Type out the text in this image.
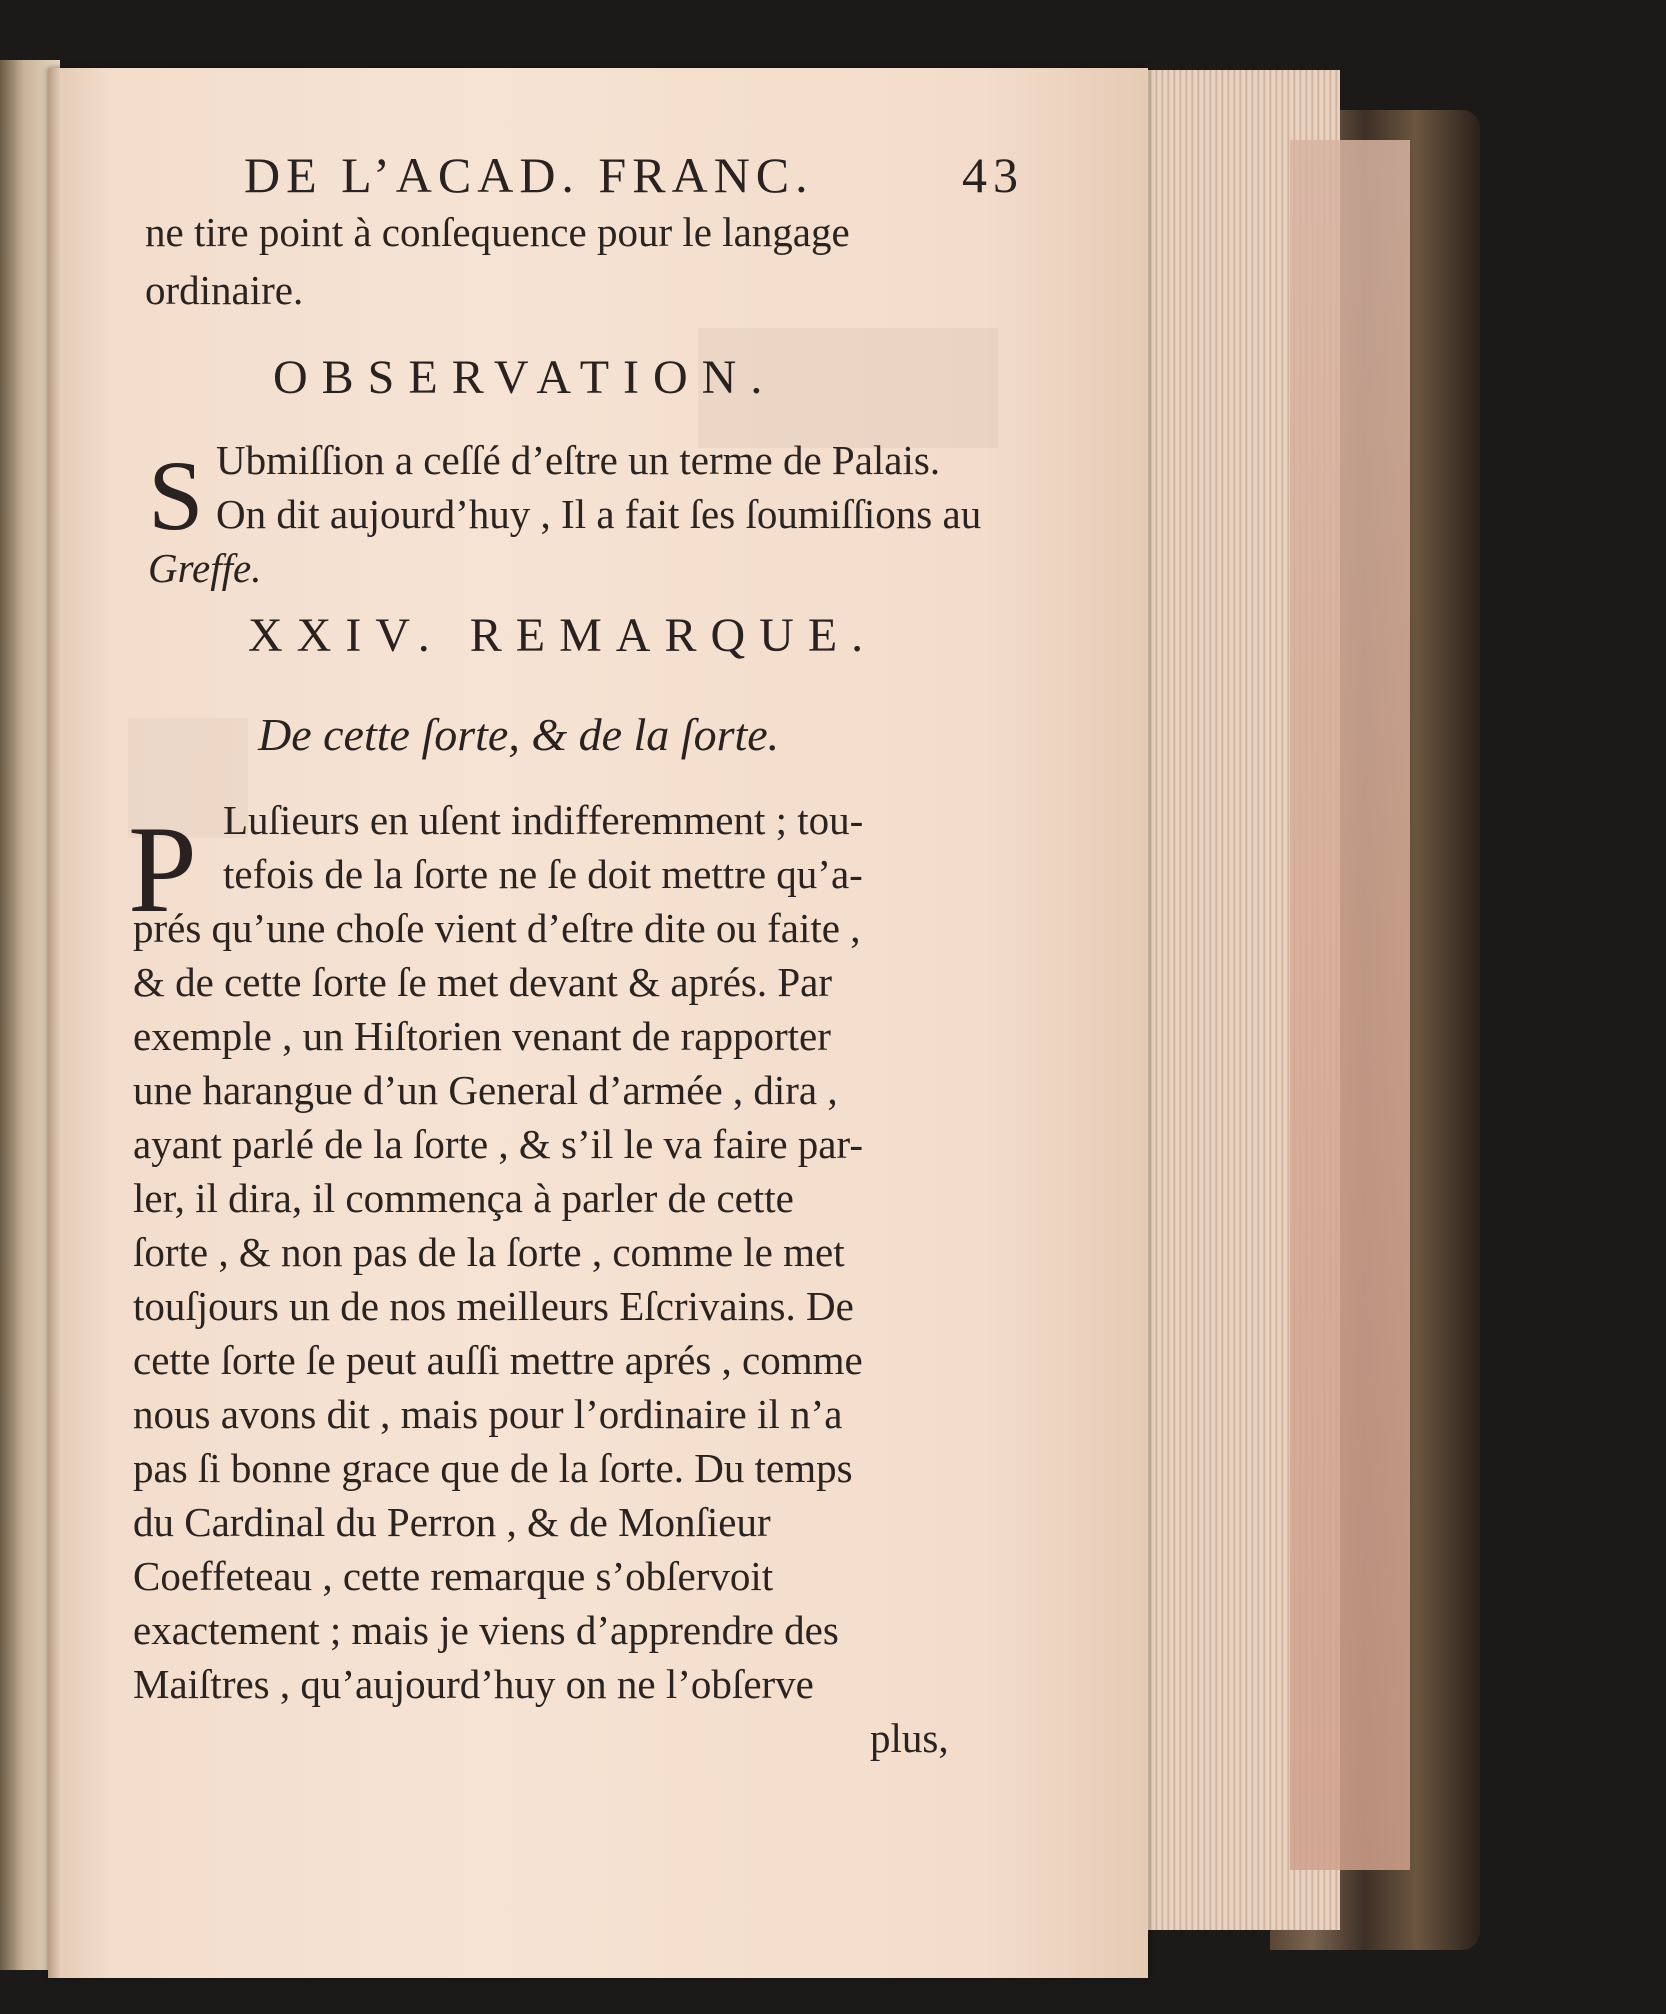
DE L’ACAD. FRANC.	43
ne tire point à conſequence pour le langage
ordinaire.
OBSERVATION.
S Ubmiſſion a ceſſé d’eſtre un terme de Palais.
On dit aujourd’huy , Il a fait ſes ſoumiſſions au
Greffe.
XXIV. REMARQUE.
De cette ſorte, & de la ſorte.
P Luſieurs en uſent indifferemment ; tou-
tefois de la ſorte ne ſe doit mettre qu’a-
prés qu’une choſe vient d’eſtre dite ou faite ,
& de cette ſorte ſe met devant & aprés. Par
exemple , un Hiſtorien venant de rapporter
une harangue d’un General d’armée , dira ,
ayant parlé de la ſorte , & s’il le va faire par-
ler, il dira, il commença à parler de cette
ſorte , & non pas de la ſorte , comme le met
touſjours un de nos meilleurs Eſcrivains. De
cette ſorte ſe peut auſſi mettre aprés , comme
nous avons dit , mais pour l’ordinaire il n’a
pas ſi bonne grace que de la ſorte. Du temps
du Cardinal du Perron , & de Monſieur
Coeffeteau , cette remarque s’obſervoit
exactement ; mais je viens d’apprendre des
Maiſtres , qu’aujourd’huy on ne l’obſerve
plus,
